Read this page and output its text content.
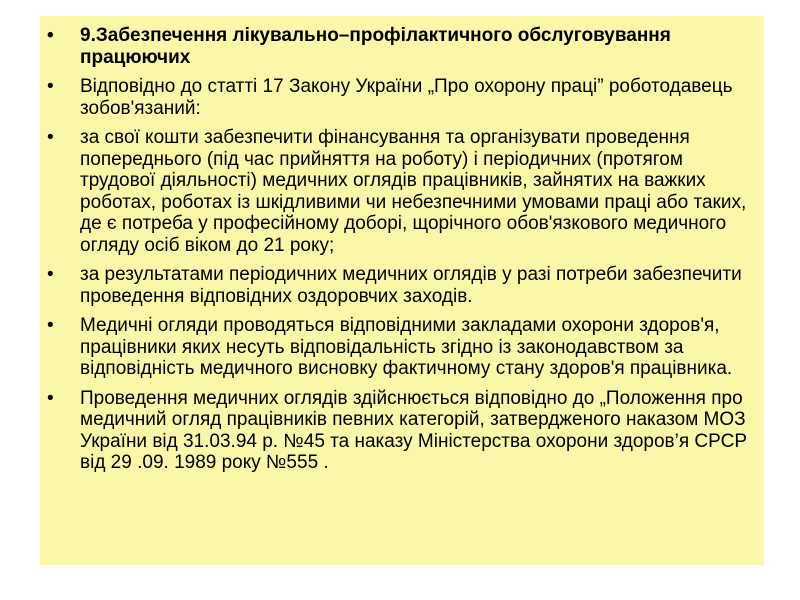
• 9.Забезпечення лікувально–профілактичного обслуговування працюючих
• Відповідно до статті 17 Закону України „Про охорону праці” роботодавець зобов'язаний:
• за свої кошти забезпечити фінансування та організувати проведення попереднього (під час прийняття на роботу) і періодичних (протягом трудової діяльності) медичних оглядів працівників, зайнятих на важких роботах, роботах із шкідливими чи небезпечними умовами праці або таких, де є потреба у професійному доборі, щорічного обов'язкового медичного огляду осіб віком до 21 року;
• за результатами періодичних медичних оглядів у разі потреби забезпечити проведення відповідних оздоровчих заходів.
• Медичні огляди проводяться відповідними закладами охорони здоров'я, працівники яких несуть відповідальність згідно із законодавством за відповідність медичного висновку фактичному стану здоров'я працівника.
• Проведення медичних оглядів здійснюється відповідно до „Положення про медичний огляд працівників певних категорій, затвердженого наказом МОЗ України від 31.03.94 р. №45 та наказу Міністерства охорони здоров’я СРСР від 29 .09. 1989 року №555 .
